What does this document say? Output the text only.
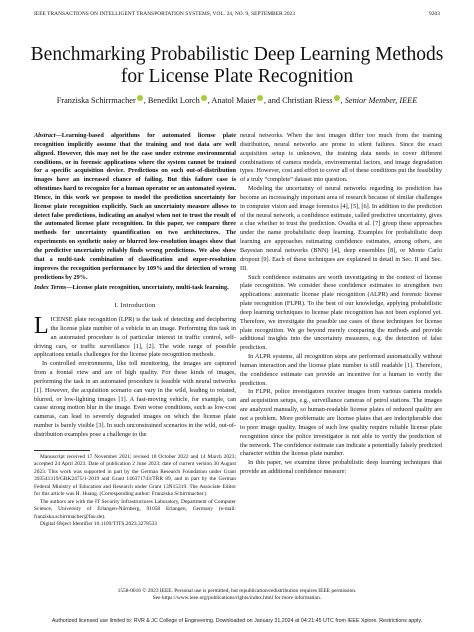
IEEE TRANSACTIONS ON INTELLIGENT TRANSPORTATION SYSTEMS, VOL. 24, NO. 9, SEPTEMBER 2023	9203
Benchmarking Probabilistic Deep Learning Methods
for License Plate Recognition
Franziska Schirrmacher , Benedikt Lorch , Anatol Maier , and Christian Riess , Senior Member, IEEE

Abstract—Learning-based algorithms for automated license plate recognition implicitly assume that the training and test data are well aligned. However, this may not be the case under extreme environmental conditions, or in forensic applications where the system cannot be trained for a specific acquisition device. Predictions on such out-of-distribution images have an increased chance of failing. But this failure case is oftentimes hard to recognize for a human operator or an automated system. Hence, in this work we propose to model the prediction uncertainty for license plate recognition explicitly. Such an uncertainty measure allows to detect false predictions, indicating an analyst when not to trust the result of the automated license plate recognition. In this paper, we compare three methods for uncertainty quantification on two architectures. The experiments on synthetic noisy or blurred low-resolution images show that the predictive uncertainty reliably finds wrong predictions. We also show that a multi-task combination of classification and super-resolution improves the recognition performance by 109% and the detection of wrong predictions by 29%.

Index Terms—License plate recognition, uncertainty, multi-task learning.

I. Introduction

LICENSE plate recognition (LPR) is the task of detecting and deciphering the license plate number of a vehicle in an image. Performing this task in an automated procedure is of particular interest in traffic control, self-driving cars, or traffic surveillance [1], [2]. The wide range of possible applications entails challenges for the license plate recognition methods.

In controlled environments, like toll monitoring, the images are captured from a frontal view and are of high quality. For these kinds of images, performing the task in an automated procedure is feasible with neural networks [1]. However, the acquisition scenario can vary in the wild, leading to rotated, blurred, or low-lighting images [1]. A fast-moving vehicle, for example, can cause strong motion blur in the image. Even worse conditions, such as low-cost cameras, can lead to severely degraded images on which the license plate number is barely visible [3]. In such unconstrained scenarios in the wild, out-of-distribution examples pose a challenge to the

Manuscript received 17 November 2021; revised 18 October 2022 and 14 March 2023; accepted 24 April 2023. Date of publication 2 June 2023; date of current version 30 August 2023. This work was supported in part by the German Research Foundation under Grant 393541319/GRK2475/1-2019 and Grant 146371743/TRR 89, and in part by the German Federal Ministry of Education and Research under Grant 13N15319. The Associate Editor for this article was H. Huang. (Corresponding author: Franziska Schirrmacher.)

The authors are with the IT Security Infrastructures Laboratory, Department of Computer Science, University of Erlangen-Nürnberg, 91058 Erlangen, Germany (e-mail: franziska.schirrmacher@fau.de).

Digital Object Identifier 10.1109/TITS.2023.3278533

neural networks. When the test images differ too much from the training distribution, neural networks are prone to silent failures. Since the exact acquisition setup is unknown, the training data needs to cover different combinations of camera models, environmental factors, and image degradation types. However, cost and effort to cover all of these conditions put the feasibility of a truly “complete” dataset into question.

Modeling the uncertainty of neural networks regarding its prediction has become an increasingly important area of research because of similar challenges in computer vision and image forensics [4], [5], [6]. In addition to the prediction of the neural network, a confidence estimate, called predictive uncertainty, gives a clue whether to trust the prediction. Ovadia et al. [7] group these approaches under the name probabilistic deep learning. Examples for probabilistic deep learning are approaches estimating confidence estimates, among others, are Bayesian neural networks (BNN) [4], deep ensembles [8], or Monte Carlo dropout [9]. Each of these techniques are explained in detail in Sec. II and Sec. III.

Such confidence estimates are worth investigating in the context of license plate recognition. We consider these confidence estimates to strengthen two applications: automatic license plate recognition (ALPR) and forensic license plate recognition (FLPR). To the best of our knowledge, applying probabilistic deep learning techniques to license plate recognition has not been explored yet. Therefore, we investigate the possible use cases of these techniques for license plate recognition. We go beyond merely comparing the methods and provide additional insights into the uncertainty measures, e.g. the detection of false prediction.

In ALPR systems, all recognition steps are performed automatically without human interaction and the license plate number is still readable [1]. Therefore, the confidence estimate can provide an incentive for a human to verify the prediction.

In FLPR, police investigators receive images from various camera models and acquisition setups, e.g., surveillance cameras of petrol stations. The images are analyzed manually, so human-readable license plates of reduced quality are not a problem. More problematic are license plates that are indecipherable due to poor image quality. Images of such low quality require reliable license plate recognition since the police investigator is not able to verify the prediction of the network. The confidence estimate can indicate a potentially falsely predicted character within the license plate number.

In this paper, we examine three probabilistic deep learning techniques that provide an additional confidence measure:

1558-0016 © 2023 IEEE. Personal use is permitted, but republication/redistribution requires IEEE permission.
See https://www.ieee.org/publications/rights/index.html for more information.
Authorized licensed use limited to: RVR & JC College of Engineering. Downloaded on January 31,2024 at 04:21:45 UTC from IEEE Xplore. Restrictions apply.
